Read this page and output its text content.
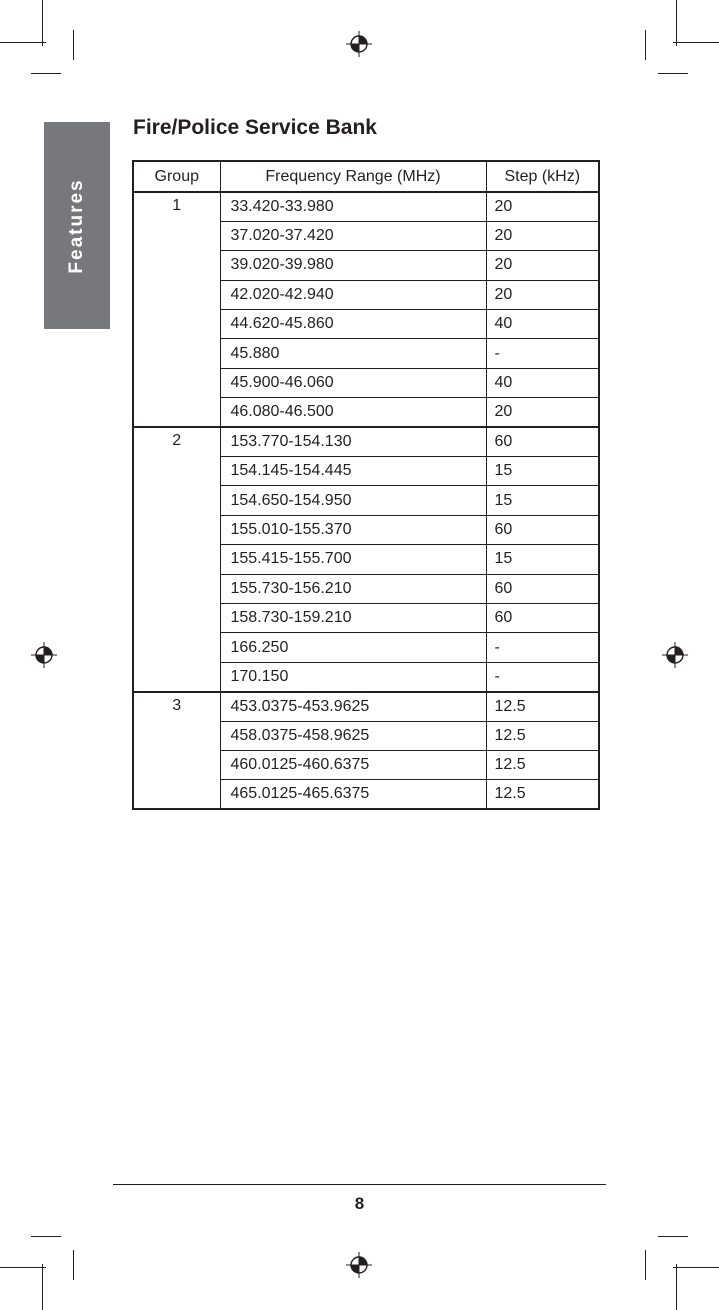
Features
Fire/Police Service Bank
Group	Frequency Range (MHz)	Step (kHz)
1	33.420-33.980	20
	37.020-37.420	20
	39.020-39.980	20
	42.020-42.940	20
	44.620-45.860	40
	45.880	-
	45.900-46.060	40
	46.080-46.500	20
2	153.770-154.130	60
	154.145-154.445	15
	154.650-154.950	15
	155.010-155.370	60
	155.415-155.700	15
	155.730-156.210	60
	158.730-159.210	60
	166.250	-
	170.150	-
3	453.0375-453.9625	12.5
	458.0375-458.9625	12.5
	460.0125-460.6375	12.5
	465.0125-465.6375	12.5
8
